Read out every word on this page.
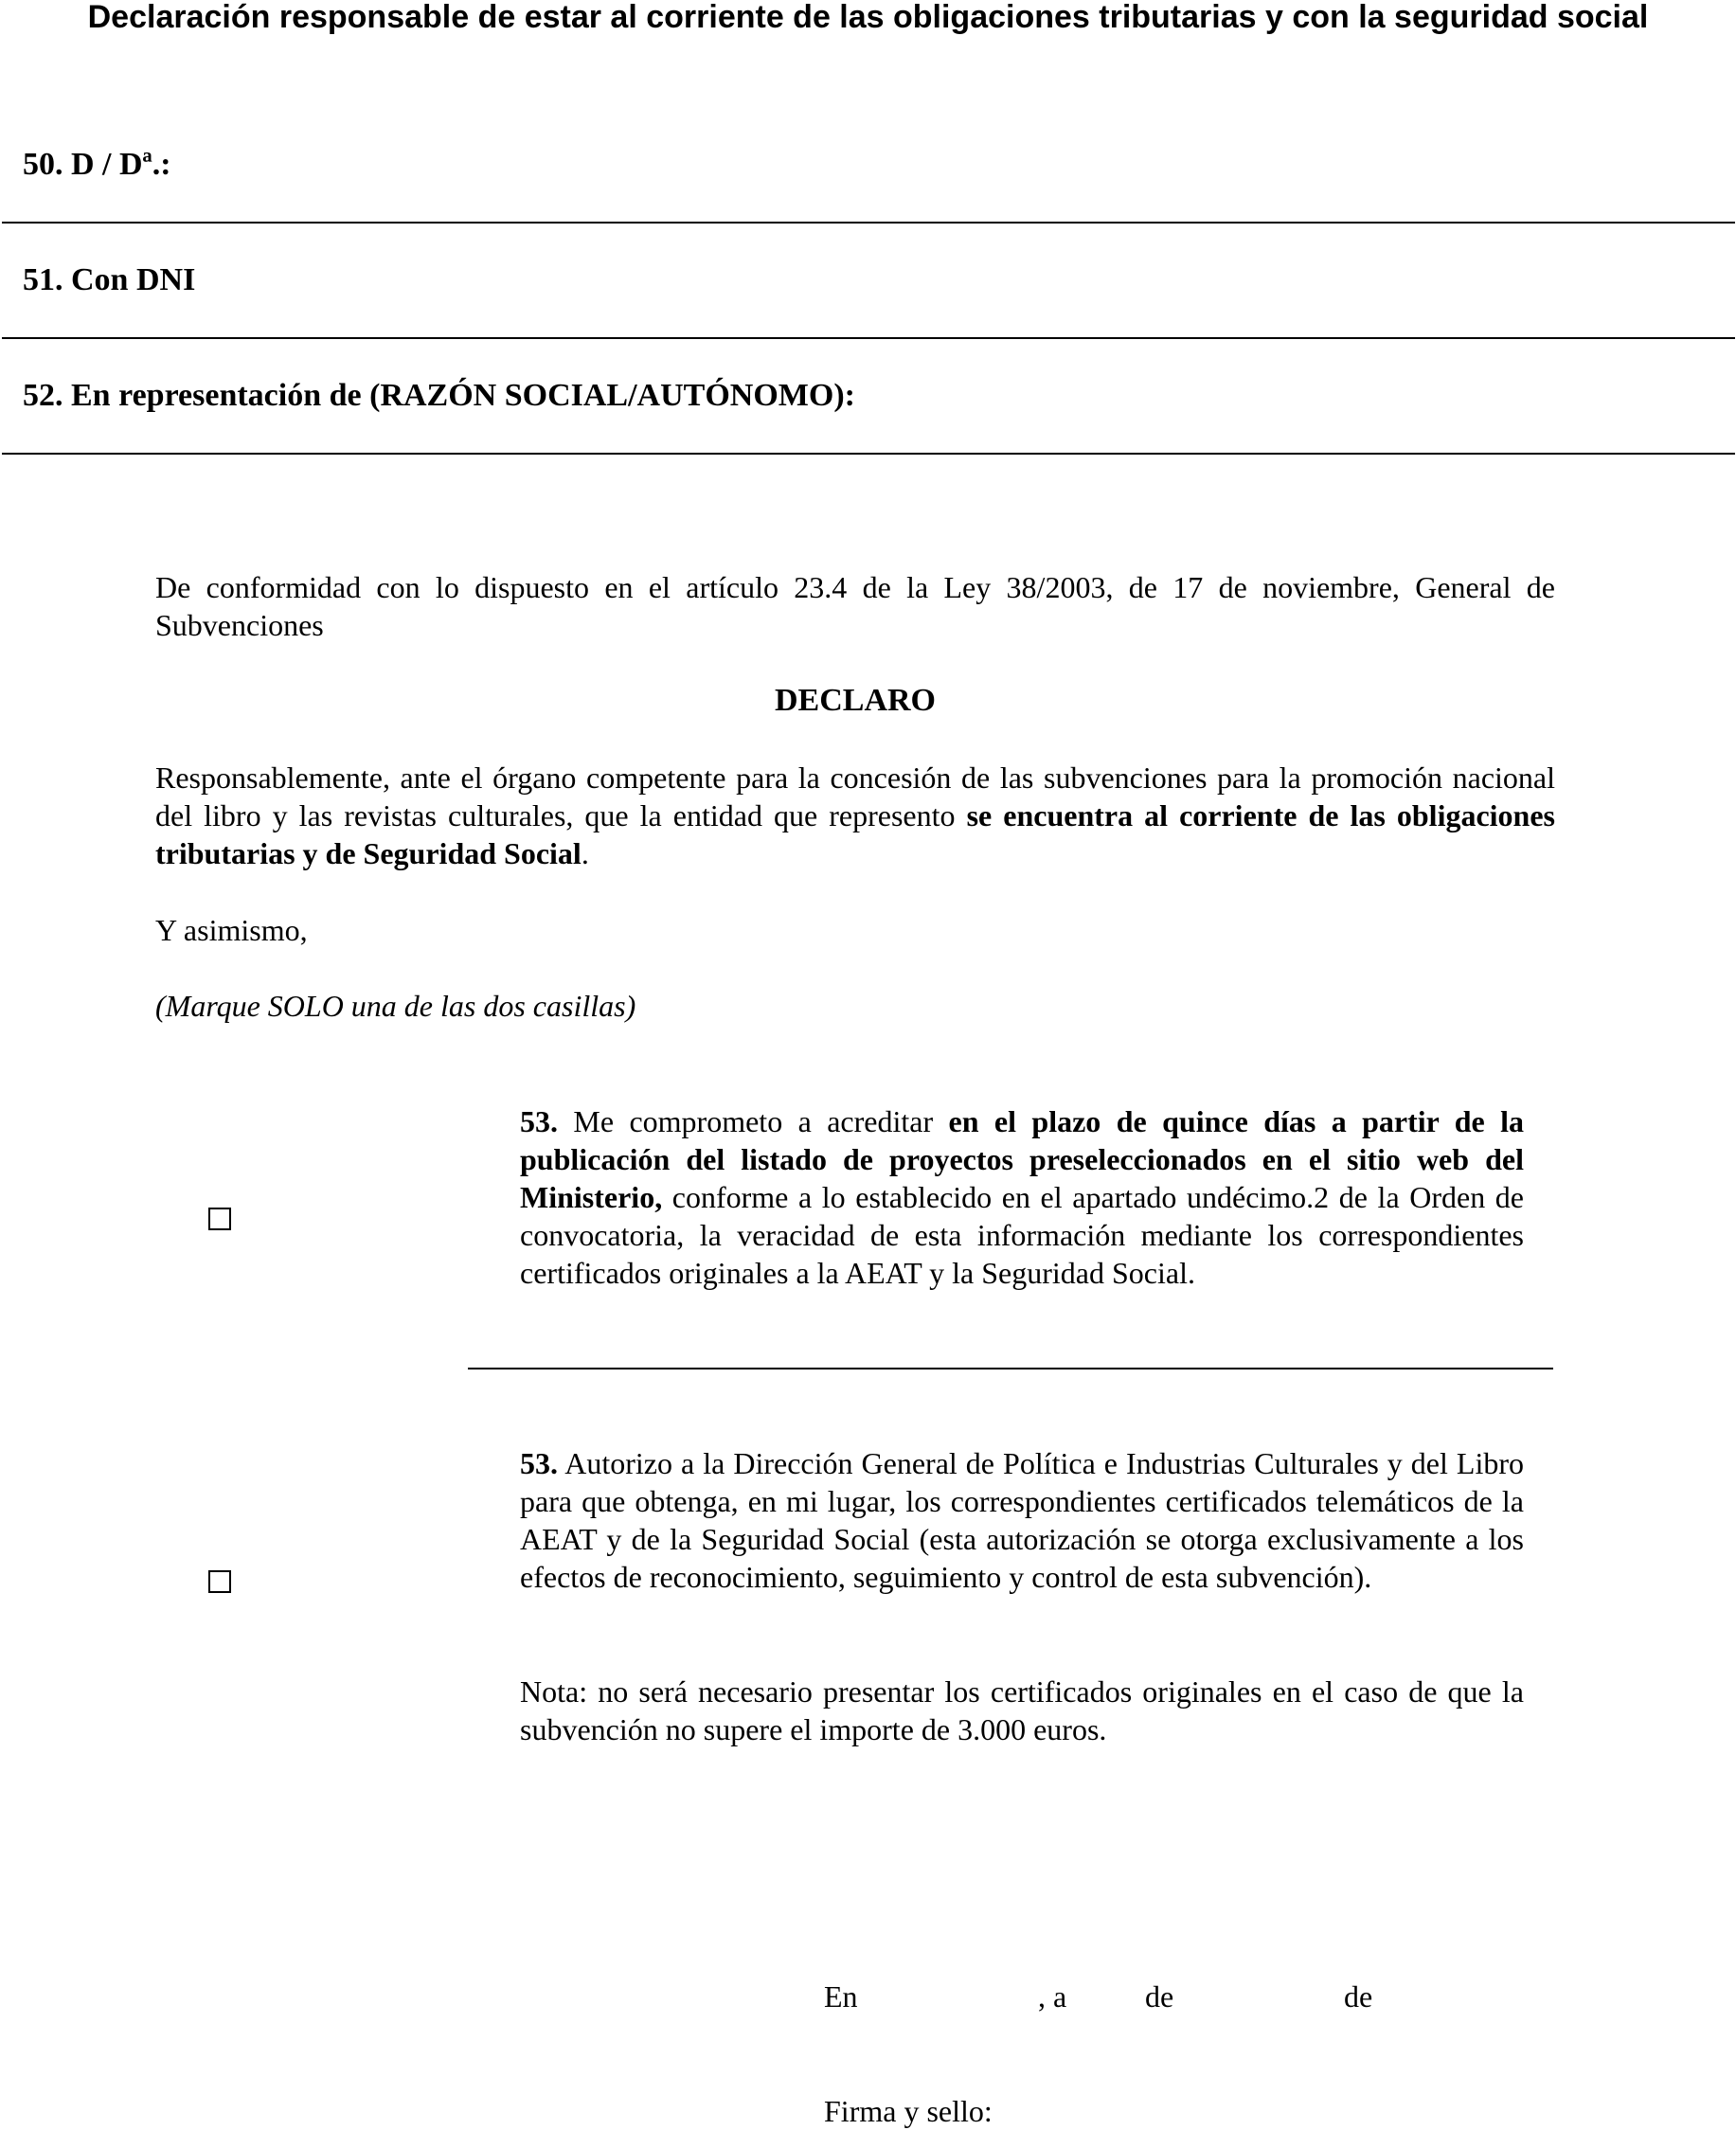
Declaración responsable de estar al corriente de las obligaciones tributarias y con la seguridad social
50. D / Dª.:
51. Con DNI
52. En representación de (RAZÓN SOCIAL/AUTÓNOMO):
De conformidad con lo dispuesto en el artículo 23.4 de la Ley 38/2003, de 17 de noviembre, General de Subvenciones
DECLARO
Responsablemente, ante el órgano competente para la concesión de las subvenciones para la promoción nacional del libro y las revistas culturales, que la entidad que represento se encuentra al corriente de las obligaciones tributarias y de Seguridad Social.
Y asimismo,
(Marque SOLO una de las dos casillas)
53. Me comprometo a acreditar en el plazo de quince días a partir de la publicación del listado de proyectos preseleccionados en el sitio web del Ministerio, conforme a lo establecido en el apartado undécimo.2 de la Orden de convocatoria, la veracidad de esta información mediante los correspondientes certificados originales a la AEAT y la Seguridad Social.
53. Autorizo a la Dirección General de Política e Industrias Culturales y del Libro para que obtenga, en mi lugar, los correspondientes certificados telemáticos de la AEAT y de la Seguridad Social (esta autorización se otorga exclusivamente a los efectos de reconocimiento, seguimiento y control de esta subvención).
Nota: no será necesario presentar los certificados originales en el caso de que la subvención no supere el importe de 3.000 euros.
En	, a	de	de
Firma y sello:
